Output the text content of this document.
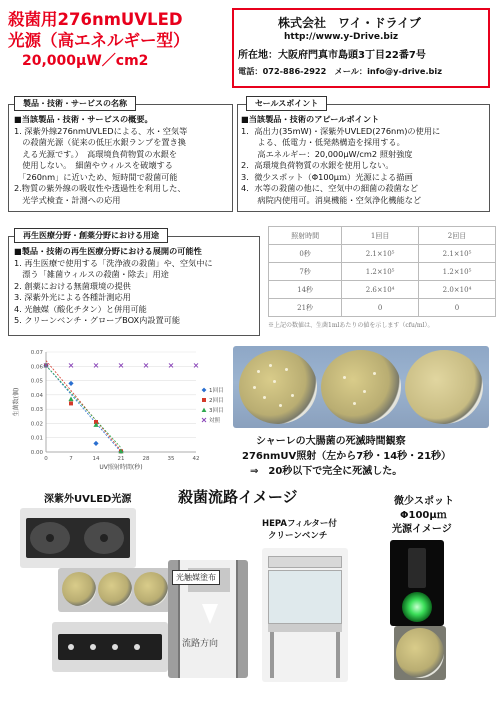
殺菌用276nmUVLED
光源（高エネルギー型）
20,000μW／cm2
株式会社　ワイ・ドライブ
http://www.y-Drive.biz
所在地：大阪府門真市島頭3丁目22番7号
電話：072-886-2922　メール：info@y-drive.biz
製品・技術・サービスの名称
■当該製品・技術・サービスの概要。
1. 深紫外線276nmUVLEDによる、水・空気等
　の殺菌光源（従来の低圧水銀ランプを置き換
　える光源です。）　高環境負荷物質の水銀を
　使用しない。　細菌やウィルスを破壊する
　「260nm」に近いため、短時間で殺菌可能
2.物質の紫外線の吸収性や透過性を利用した、
　光学式検査・計測への応用
セールスポイント
■当該製品・技術のアピールポイント
1．高出力(35mW)・深紫外UVLED(276nm)の使用に
　　よる、低電力・低発熱構造を採用する。
　　高エネルギー：20,000μW/cm2 照射強度
2．高環境負荷物質の水銀を使用しない。
3．微少スポット（Φ100μｍ）光源による描画
4．水等の殺菌の他に、空気中の細菌の殺菌など
　　病院内使用可。消臭機能・空気浄化機能など
再生医療分野・創薬分野における用途
■製品・技術の再生医療分野における展開の可能性
1. 再生医療で使用する「洗浄液の殺菌」や、空気中に
　漂う「雑菌ウィルスの殺菌・除去」用途
2. 創薬における無菌環境の提供
3. 深紫外光による各種計測応用
4. 光触媒（酸化チタン）と併用可能
5. クリーンベンチ・グローブBOX内設置可能
照射時間	1回目	2回目
0秒	2.1×10⁵	2.1×10⁵
7秒	1.2×10⁵	1.2×10⁵
14秒	2.6×10⁴	2.0×10⁴
21秒	0	0
※上記の数値は、生菌1mlあたりの値を示します（cfu/ml）。
0.00
0.01
0.02
0.03
0.04
0.05
0.06
0.07
0	7	14	21	28	35	42
UV照射時間(秒)
生菌数(個)	1回目
2回目
3回目
対照
シャーレの大腸菌の死滅時間観察
276nmUV照射（左から7秒・14秒・21秒）
⇒　20秒以下で完全に死滅した。
深紫外UVLED光源	殺菌流路イメージ
HEPAフィルター付
クリーンベンチ
微少スポット
Φ100μｍ
光源イメージ
光触媒塗布
流路方向
